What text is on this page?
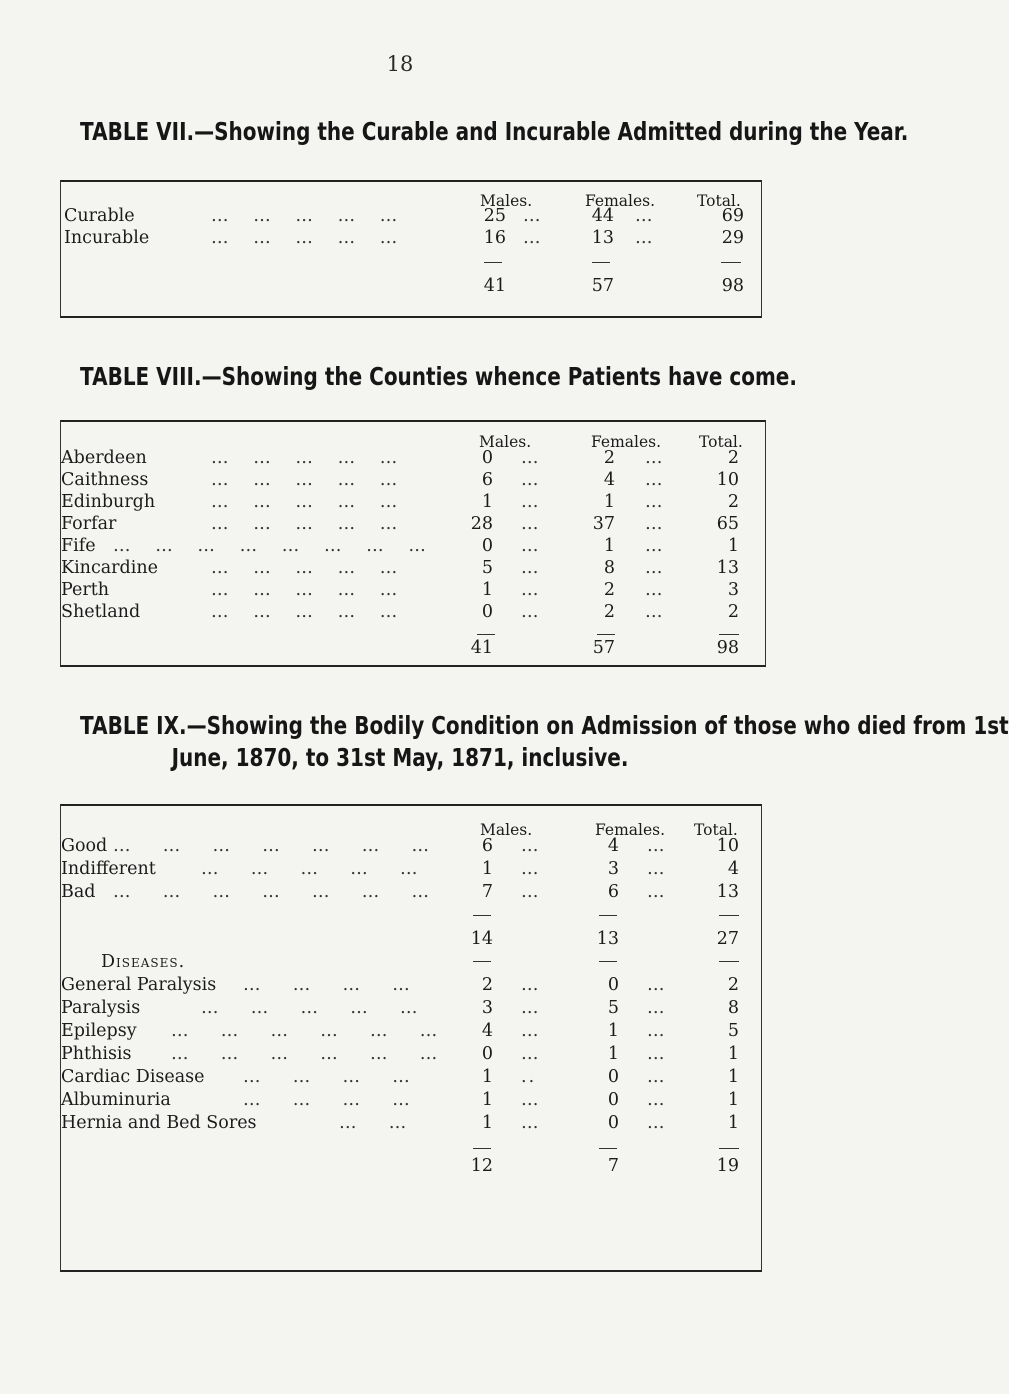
18
TABLE VII.—Showing the Curable and Incurable Admitted during the Year.
Males.	Females.	Total.
Curable	…   …   …   …   …	25 …	44 …	69
Incurable	…   …   …   …   …	16 …	13 …	29
41	57	98
TABLE VIII.—Showing the Counties whence Patients have come.
Males.	Females. Total.
Aberdeen	…   …   …   …   …	0 …	2 …	2
Caithness	…   …   …   …   …	6 …	4 …	10
Edinburgh	…   …   …   …   …	1 …	1 …	2
Forfar	…   …   …   …   …	28 …	37 …	65
Fife …   …   …   …   …   …   …   …	0 …	1 …	1
Kincardine	…   …   …   …   …	5 …	8 …	13
Perth	…   …   …   …   …	1 …	2 …	3
Shetland	…   …   …   …   …	0 …	2 …	2
41	57	98
TABLE IX.—Showing the Bodily Condition on Admission of those who died from 1st
June, 1870, to 31st May, 1871, inclusive.
Males.	Females. Total.
Good …    …    …    …    …    …    …	6 …	4 …	10
Indifferent	…    …    …    …    …	1 …	3 …	4
Bad …    …    …    …    …    …    …	7 …	6 …	13
14	13	27
Diseases.
General Paralysis …    …    …    …	2 …	0 …	2
Paralysis	…    …    …    …    …	3 …	5 …	8
Epilepsy …    …    …    …    …    …	4 …	1 …	5
Phthisis …    …    …    …    …    …	0 …	1 …	1
Cardiac Disease …    …    …    …	1 ..	0 …	1
Albuminuria	…    …    …    …	1 …	0 …	1
Hernia and Bed Sores	…    …	1 …	0 …	1
12	7	19
